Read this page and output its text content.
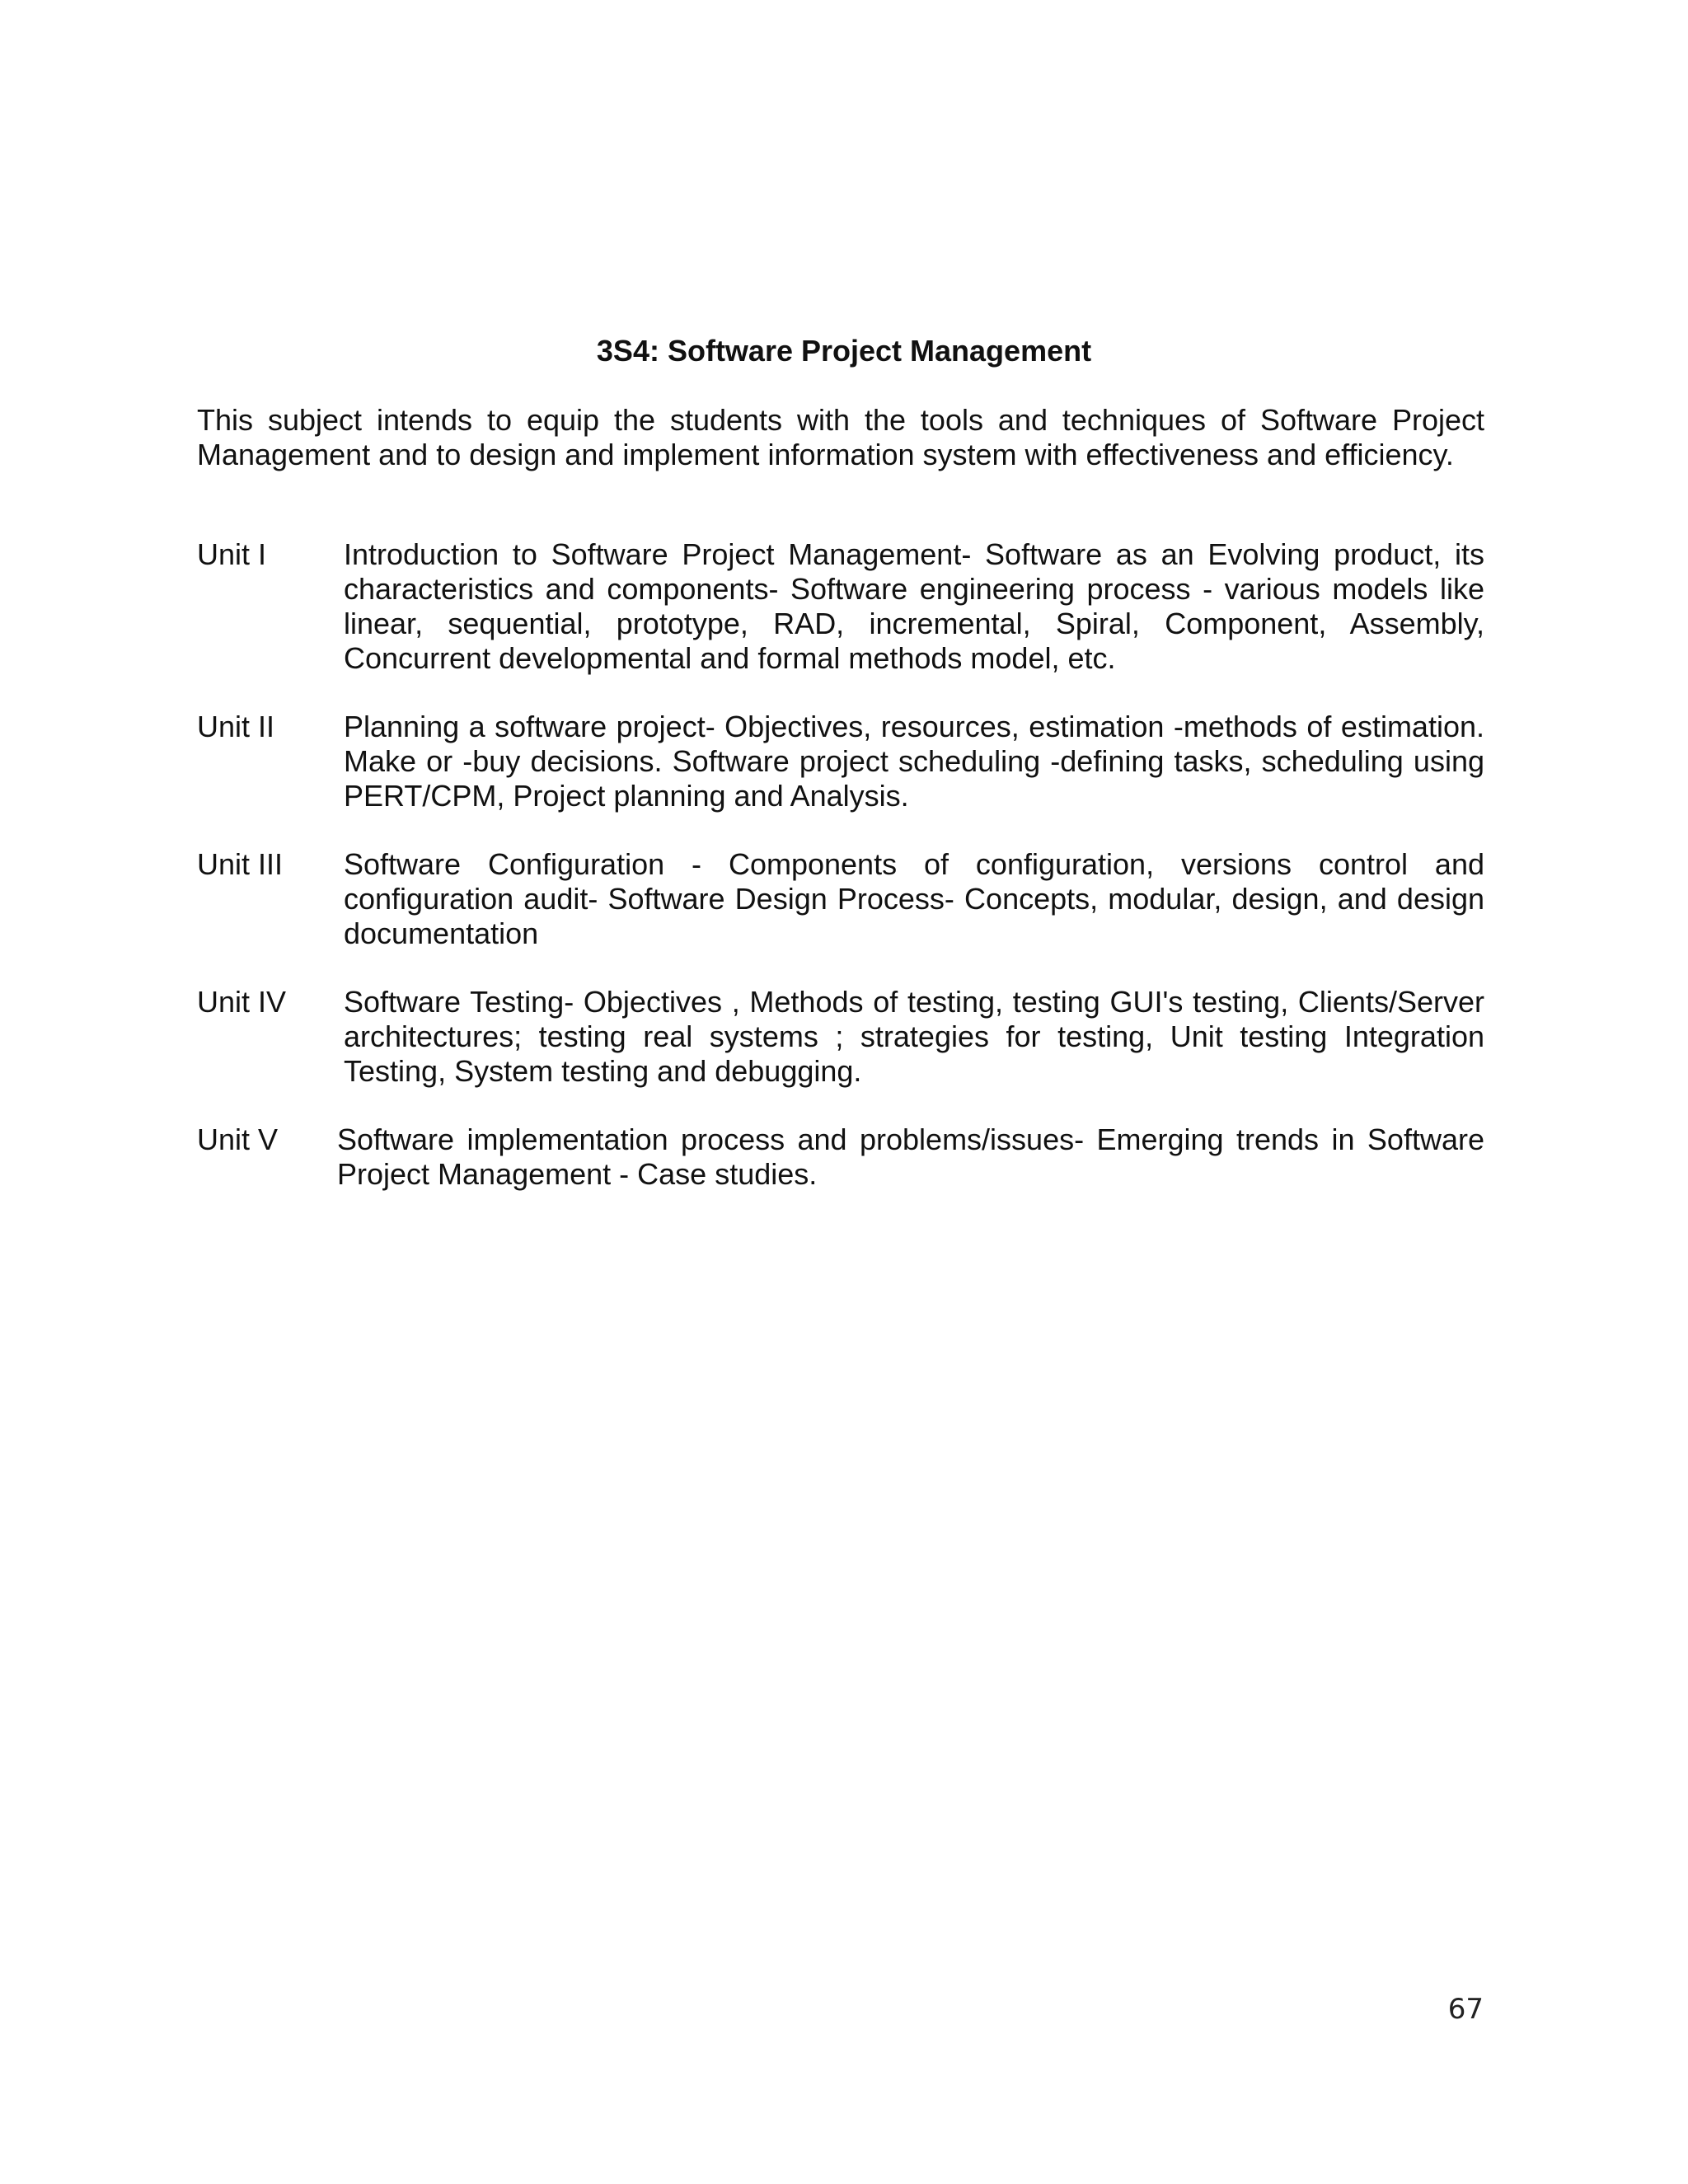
3S4: Software Project Management

This subject intends to equip the students with the tools and techniques of Software Project Management and to design and implement information system with effectiveness and efficiency.

Unit I	Introduction to Software Project Management- Software as an Evolving product, its characteristics and components- Software engineering process - various models like linear, sequential, prototype, RAD, incremental, Spiral, Component, Assembly, Concurrent developmental and formal methods model, etc.
Unit II Planning a software project- Objectives, resources, estimation -methods of estimation. Make or -buy decisions. Software project scheduling -defining tasks, scheduling using PERT/CPM, Project planning and Analysis.
Unit III Software Configuration - Components of configuration, versions control and configuration audit- Software Design Process- Concepts, modular, design, and design documentation
Unit IV Software Testing- Objectives , Methods of testing, testing GUI's testing, Clients/Server architectures; testing real systems ; strategies for testing, Unit testing Integration Testing, System testing and debugging.
Unit V Software implementation process and problems/issues- Emerging trends in Software Project Management - Case studies.
67
